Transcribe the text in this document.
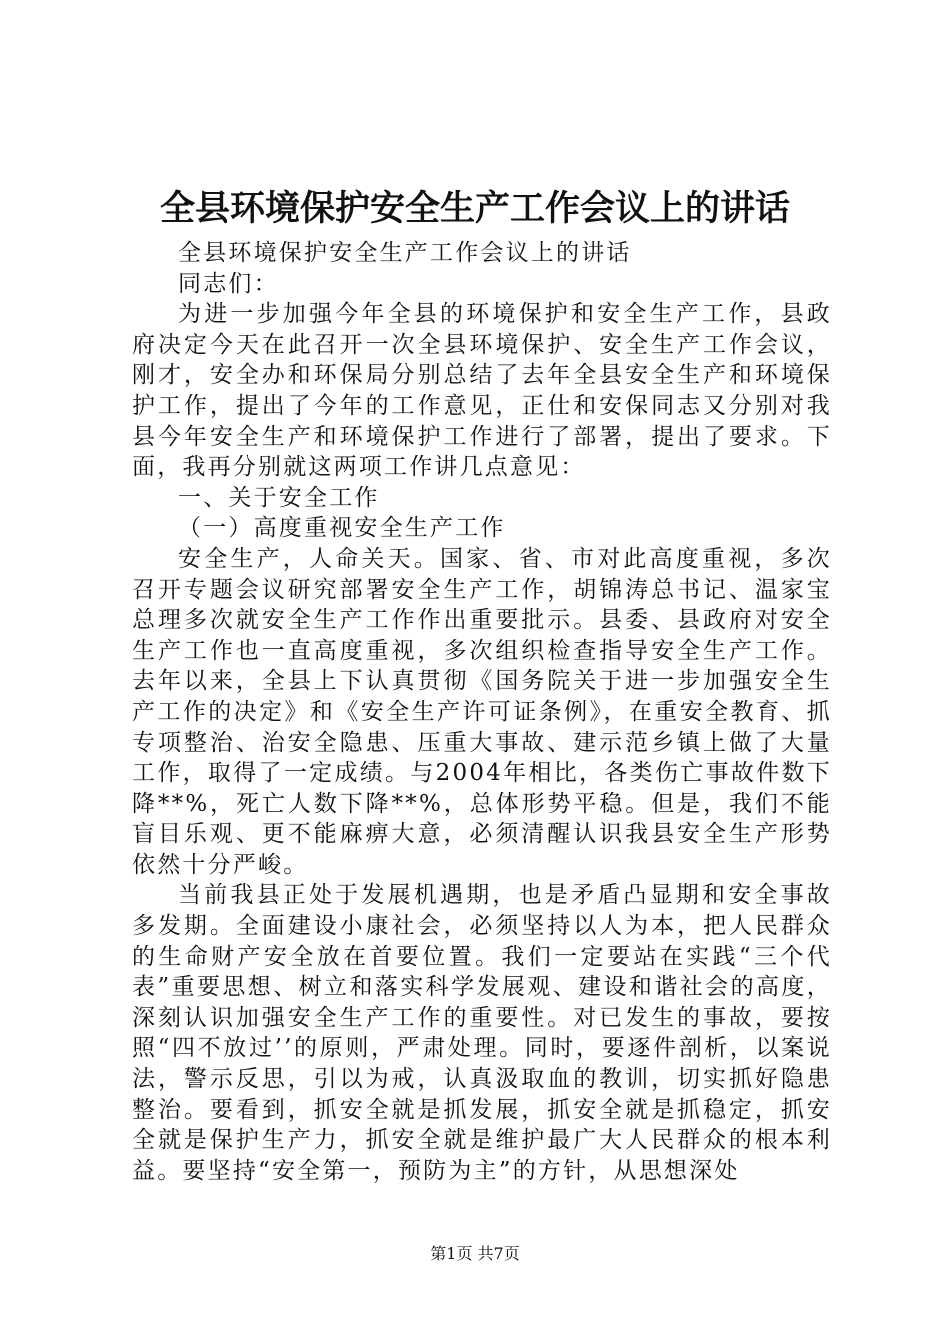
全县环境保护安全生产工作会议上的讲话

全县环境保护安全生产工作会议上的讲话

同志们：

为进一步加强今年全县的环境保护和安全生产工作，县政府决定今天在此召开一次全县环境保护、安全生产工作会议，刚才，安全办和环保局分别总结了去年全县安全生产和环境保护工作，提出了今年的工作意见，正仕和安保同志又分别对我县今年安全生产和环境保护工作进行了部署，提出了要求。下面，我再分别就这两项工作讲几点意见：

一、关于安全工作

（一）高度重视安全生产工作

安全生产，人命关天。国家、省、市对此高度重视，多次召开专题会议研究部署安全生产工作，胡锦涛总书记、温家宝总理多次就安全生产工作作出重要批示。县委、县政府对安全生产工作也一直高度重视，多次组织检查指导安全生产工作。去年以来，全县上下认真贯彻《国务院关于进一步加强安全生产工作的决定》和《安全生产许可证条例》，在重安全教育、抓专项整治、治安全隐患、压重大事故、建示范乡镇上做了大量工作，取得了一定成绩。与2004年相比，各类伤亡事故件数下降**%，死亡人数下降**%，总体形势平稳。但是，我们不能盲目乐观、更不能麻痹大意，必须清醒认识我县安全生产形势依然十分严峻。

当前我县正处于发展机遇期，也是矛盾凸显期和安全事故多发期。全面建设小康社会，必须坚持以人为本，把人民群众的生命财产安全放在首要位置。我们一定要站在实践“三个代表”重要思想、树立和落实科学发展观、建设和谐社会的高度，深刻认识加强安全生产工作的重要性。对已发生的事故，要按照“四不放过’’的原则，严肃处理。同时，要逐件剖析，以案说法，警示反思，引以为戒，认真汲取血的教训，切实抓好隐患整治。要看到，抓安全就是抓发展，抓安全就是抓稳定，抓安全就是保护生产力，抓安全就是维护最广大人民群众的根本利益。要坚持“安全第一，预防为主”的方针，从思想深处

第1页 共7页
